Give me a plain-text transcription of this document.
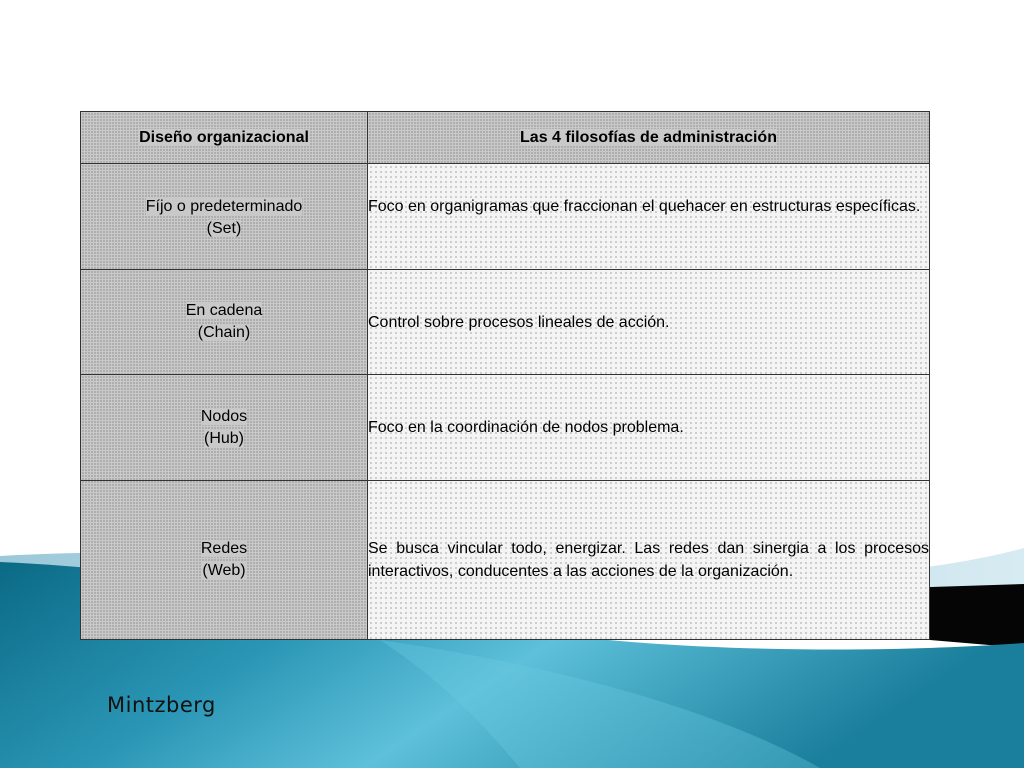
Diseño organizacional	Las 4 filosofías de administración

Fíjo o predeterminado
(Set)	Foco en organigramas que fraccionan el quehacer en estructuras específicas.

En cadena
(Chain)	Control sobre procesos lineales de acción.

Nodos
(Hub)	Foco en la coordinación de nodos problema.

Redes
(Web)	Se busca vincular todo, energizar. Las redes dan sinergia a los procesos interactivos, conducentes a las acciones de la organización.
Mintzberg
